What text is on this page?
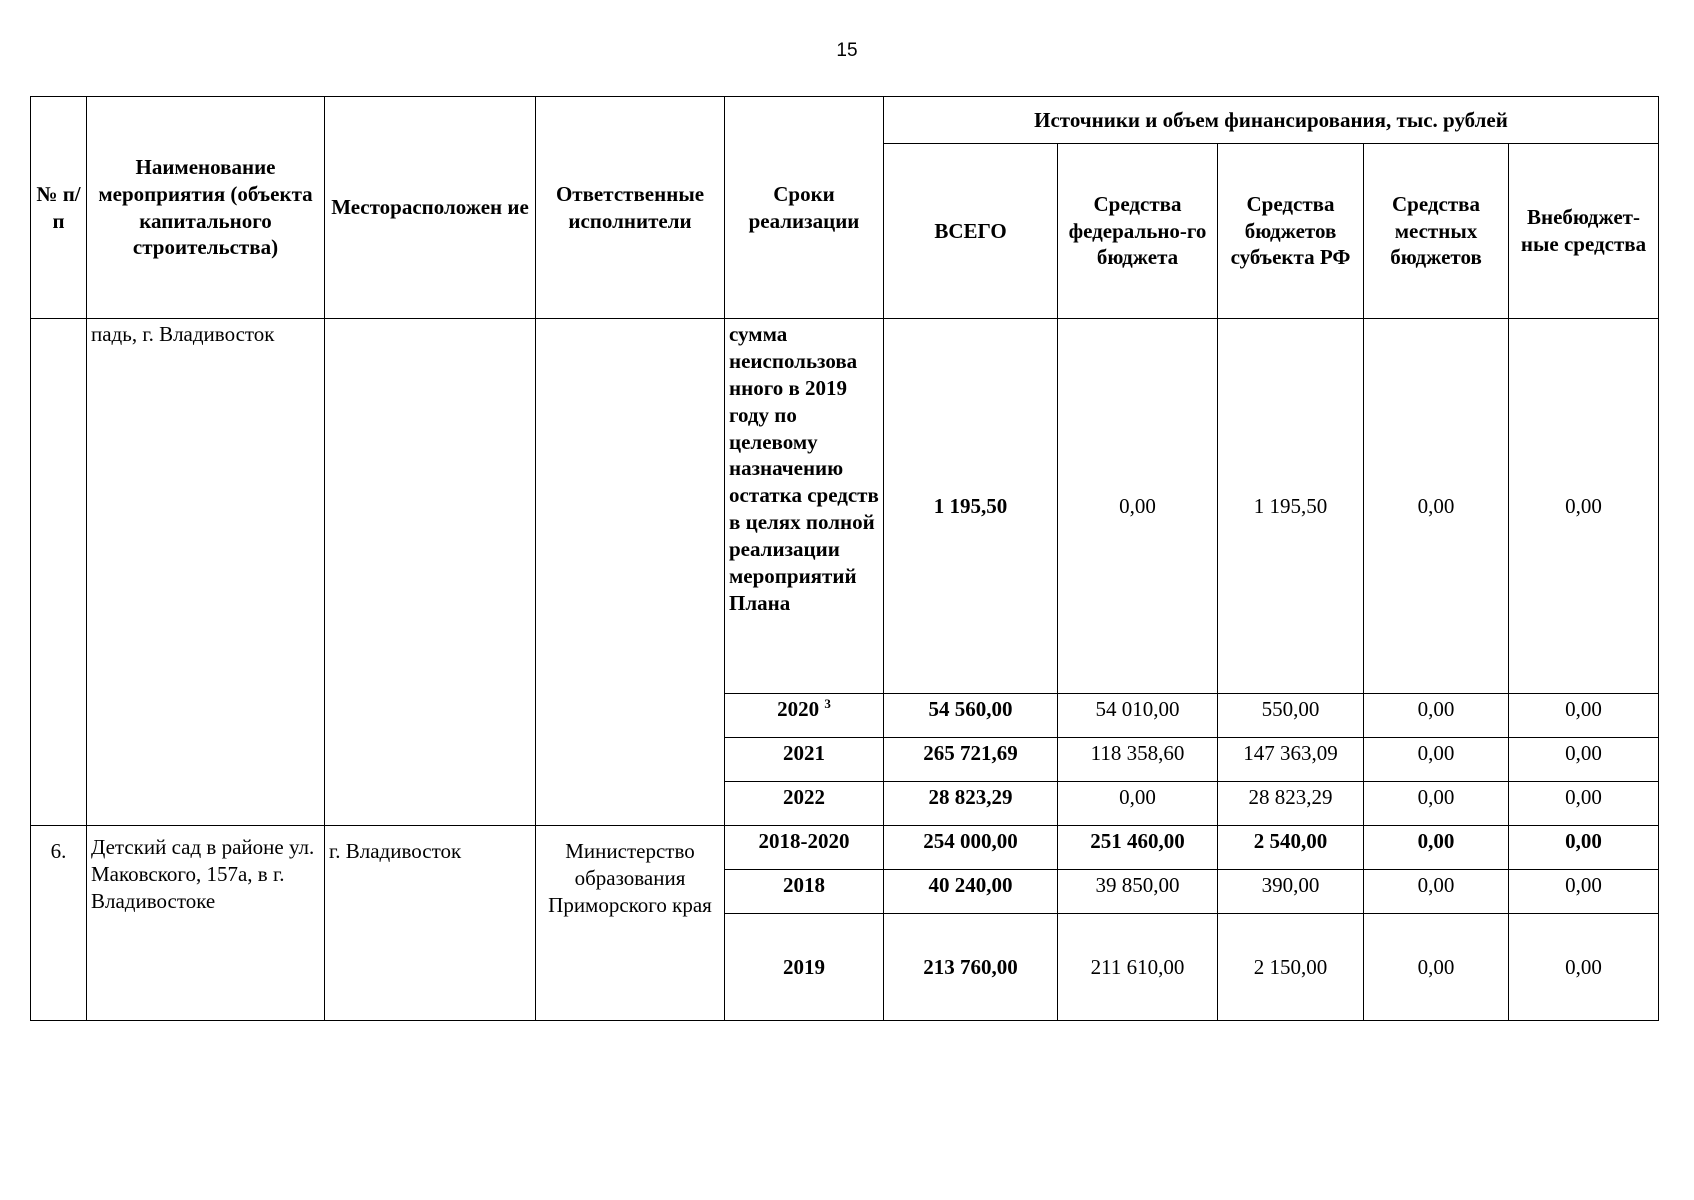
15
№ п/п	Наименование мероприятия (объекта капитального строительства)	Месторасположен ие	Ответственные исполнители	Сроки реализации	Источники и объем финансирования, тыс. рублей				
					ВСЕГО	Средства федерально-го бюджета	Средства бюджетов субъекта РФ	Средства местных бюджетов	Внебюджет-ные средства
	падь, г. Владивосток			сумма неиспользова нного в 2019 году по целевому назначению остатка средств в целях полной реализации мероприятий Плана	1 195,50	0,00	1 195,50	0,00	0,00
				2020 $^3$	54 560,00	54 010,00	550,00	0,00	0,00
				2021	265 721,69	118 358,60	147 363,09	0,00	0,00
				2022	28 823,29	0,00	28 823,29	0,00	0,00
6.	Детский сад в районе ул. Маковского, 157а, в г. Владивостоке	г. Владивосток	Министерство образования Приморского края	2018-2020	254 000,00	251 460,00	2 540,00	0,00	0,00
				2018	40 240,00	39 850,00	390,00	0,00	0,00
				2019	213 760,00	211 610,00	2 150,00	0,00	0,00
